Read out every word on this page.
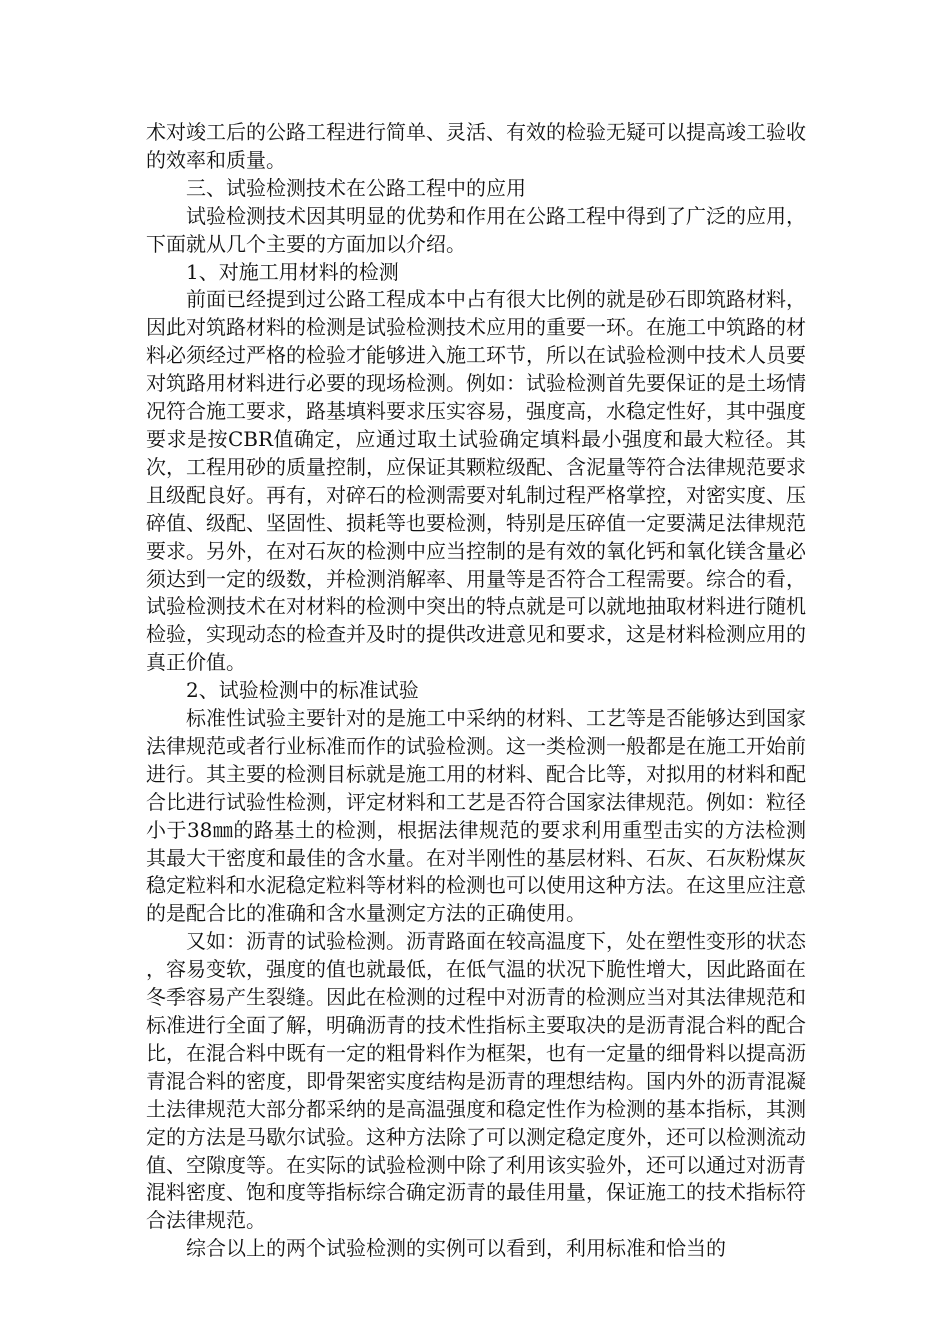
术对竣工后的公路工程进行简单、灵活、有效的检验无疑可以提高竣工验收的效率和质量。

三、试验检测技术在公路工程中的应用

试验检测技术因其明显的优势和作用在公路工程中得到了广泛的应用，下面就从几个主要的方面加以介绍。

1、对施工用材料的检测

前面已经提到过公路工程成本中占有很大比例的就是砂石即筑路材料，因此对筑路材料的检测是试验检测技术应用的重要一环。在施工中筑路的材料必须经过严格的检验才能够进入施工环节，所以在试验检测中技术人员要对筑路用材料进行必要的现场检测。例如：试验检测首先要保证的是土场情况符合施工要求，路基填料要求压实容易，强度高，水稳定性好，其中强度要求是按CBR值确定，应通过取土试验确定填料最小强度和最大粒径。其次，工程用砂的质量控制，应保证其颗粒级配、含泥量等符合法律规范要求且级配良好。再有，对碎石的检测需要对轧制过程严格掌控，对密实度、压碎值、级配、坚固性、损耗等也要检测，特别是压碎值一定要满足法律规范要求。另外，在对石灰的检测中应当控制的是有效的氧化钙和氧化镁含量必须达到一定的级数，并检测消解率、用量等是否符合工程需要。综合的看，试验检测技术在对材料的检测中突出的特点就是可以就地抽取材料进行随机检验，实现动态的检查并及时的提供改进意见和要求，这是材料检测应用的真正价值。

2、试验检测中的标准试验

标准性试验主要针对的是施工中采纳的材料、工艺等是否能够达到国家法律规范或者行业标准而作的试验检测。这一类检测一般都是在施工开始前进行。其主要的检测目标就是施工用的材料、配合比等，对拟用的材料和配合比进行试验性检测，评定材料和工艺是否符合国家法律规范。例如：粒径小于38㎜的路基土的检测，根据法律规范的要求利用重型击实的方法检测其最大干密度和最佳的含水量。在对半刚性的基层材料、石灰、石灰粉煤灰稳定粒料和水泥稳定粒料等材料的检测也可以使用这种方法。在这里应注意的是配合比的准确和含水量测定方法的正确使用。

又如：沥青的试验检测。沥青路面在较高温度下，处在塑性变形的状态，容易变软，强度的值也就最低，在低气温的状况下脆性增大，因此路面在冬季容易产生裂缝。因此在检测的过程中对沥青的检测应当对其法律规范和标准进行全面了解，明确沥青的技术性指标主要取决的是沥青混合料的配合比，在混合料中既有一定的粗骨料作为框架，也有一定量的细骨料以提高沥青混合料的密度，即骨架密实度结构是沥青的理想结构。国内外的沥青混凝土法律规范大部分都采纳的是高温强度和稳定性作为检测的基本指标，其测定的方法是马歇尔试验。这种方法除了可以测定稳定度外，还可以检测流动值、空隙度等。在实际的试验检测中除了利用该实验外，还可以通过对沥青混料密度、饱和度等指标综合确定沥青的最佳用量，保证施工的技术指标符合法律规范。

综合以上的两个试验检测的实例可以看到，利用标准和恰当的
